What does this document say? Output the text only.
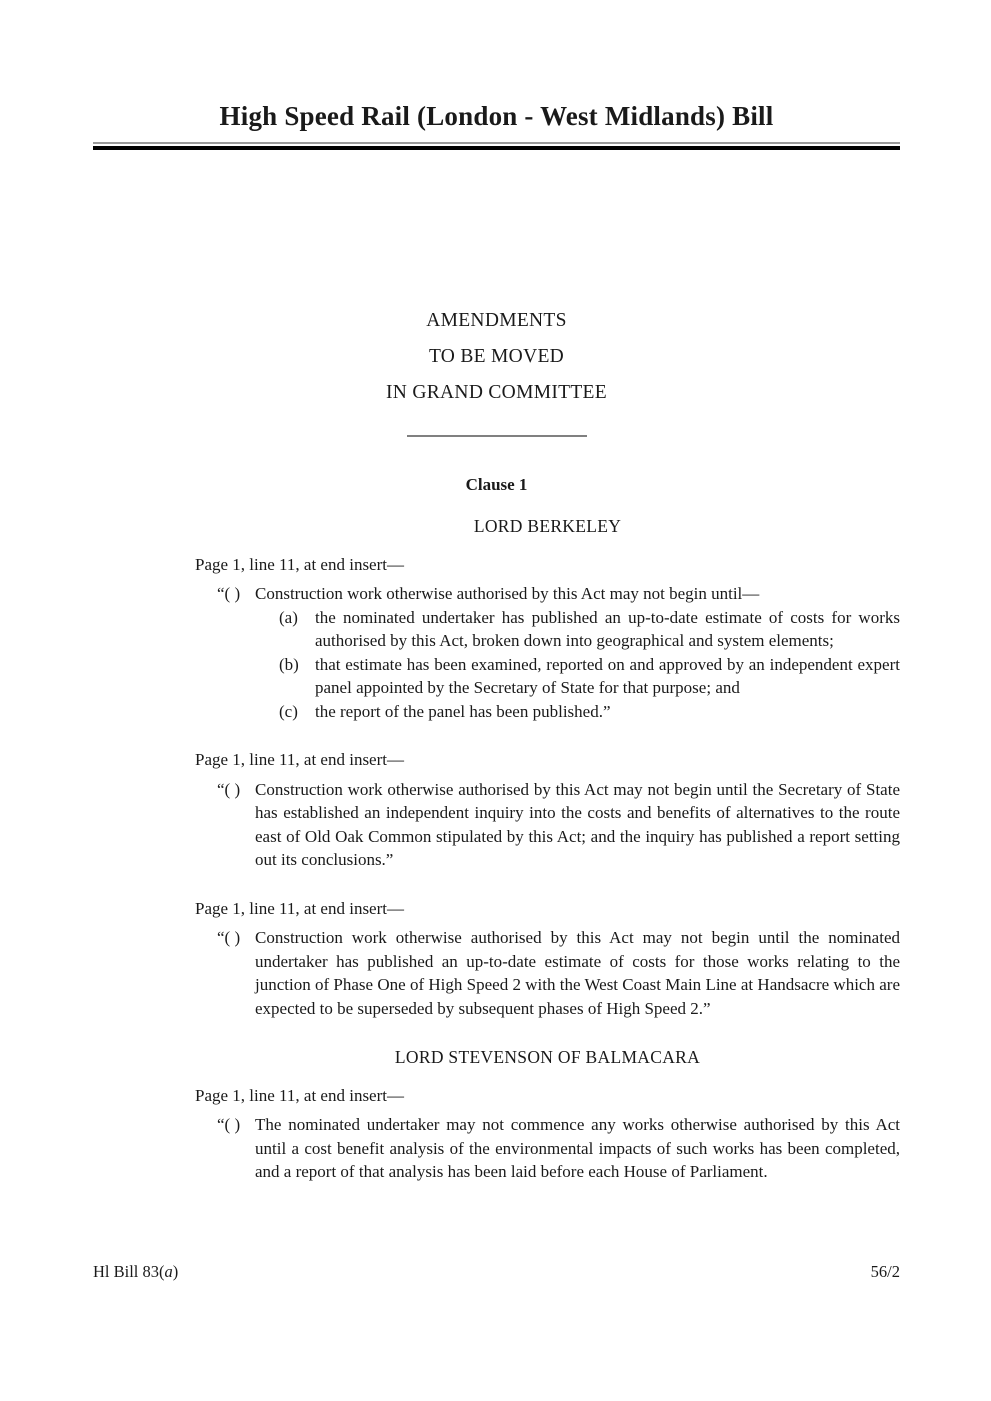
High Speed Rail (London - West Midlands) Bill
AMENDMENTS
TO BE MOVED
IN GRAND COMMITTEE
Clause 1
LORD BERKELEY

Page 1, line 11, at end insert—

“( ) Construction work otherwise authorised by this Act may not begin until—
(a)	the nominated undertaker has published an up-to-date estimate of costs for works authorised by this Act, broken down into geographical and system elements;
(b) that estimate has been examined, reported on and approved by an independent expert panel appointed by the Secretary of State for that purpose; and
(c)	the report of the panel has been published.”

Page 1, line 11, at end insert—

“( ) Construction work otherwise authorised by this Act may not begin until the Secretary of State has established an independent inquiry into the costs and benefits of alternatives to the route east of Old Oak Common stipulated by this Act; and the inquiry has published a report setting out its conclusions.”

Page 1, line 11, at end insert—

“( ) Construction work otherwise authorised by this Act may not begin until the nominated undertaker has published an up-to-date estimate of costs for those works relating to the junction of Phase One of High Speed 2 with the West Coast Main Line at Handsacre which are expected to be superseded by subsequent phases of High Speed 2.”
LORD STEVENSON OF BALMACARA

Page 1, line 11, at end insert—

“( ) The nominated undertaker may not commence any works otherwise authorised by this Act until a cost benefit analysis of the environmental impacts of such works has been completed, and a report of that analysis has been laid before each House of Parliament.
Hl Bill 83(a)	56/2
